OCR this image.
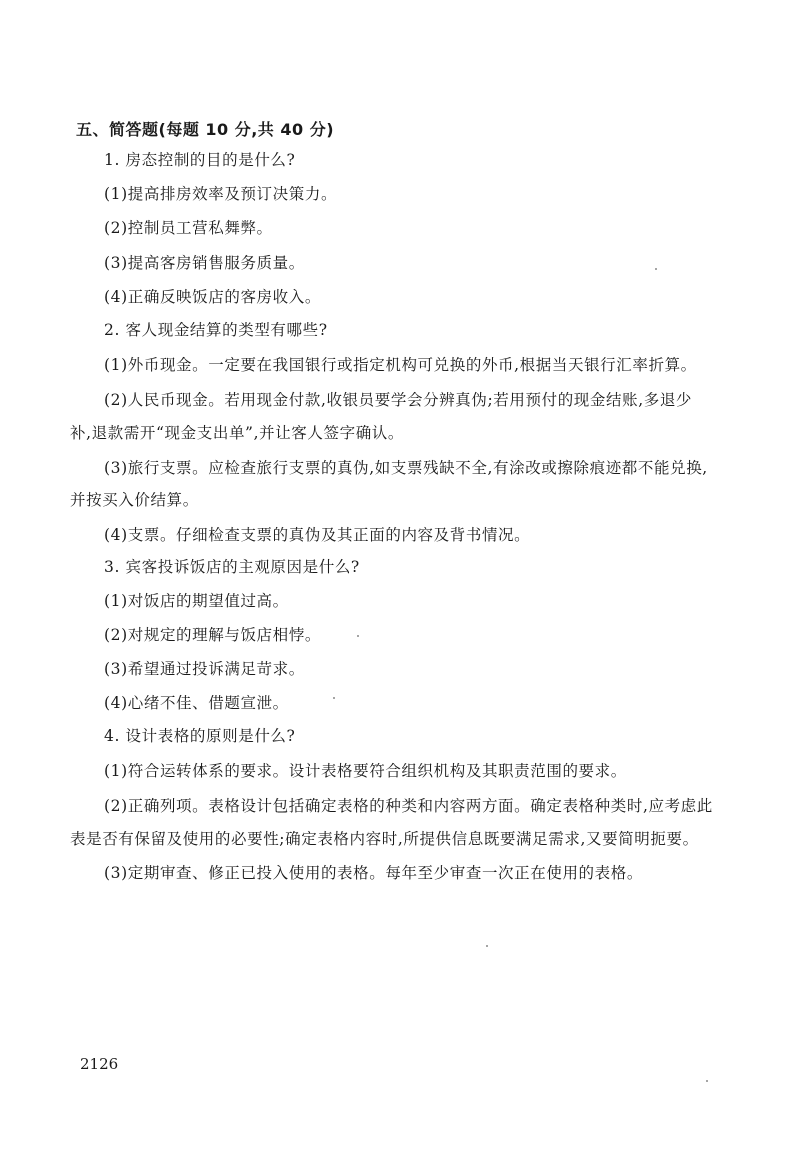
五、简答题(每题 10 分,共 40 分)
1. 房态控制的目的是什么?
(1)提高排房效率及预订决策力。
(2)控制员工营私舞弊。
(3)提高客房销售服务质量。
(4)正确反映饭店的客房收入。
2. 客人现金结算的类型有哪些?
(1)外币现金。一定要在我国银行或指定机构可兑换的外币,根据当天银行汇率折算。
(2)人民币现金。若用现金付款,收银员要学会分辨真伪;若用预付的现金结账,多退少
补,退款需开“现金支出单”,并让客人签字确认。
(3)旅行支票。应检查旅行支票的真伪,如支票残缺不全,有涂改或擦除痕迹都不能兑换,
并按买入价结算。
(4)支票。仔细检查支票的真伪及其正面的内容及背书情况。
3. 宾客投诉饭店的主观原因是什么?
(1)对饭店的期望值过高。
(2)对规定的理解与饭店相悖。
(3)希望通过投诉满足苛求。
(4)心绪不佳、借题宣泄。
4. 设计表格的原则是什么?
(1)符合运转体系的要求。设计表格要符合组织机构及其职责范围的要求。
(2)正确列项。表格设计包括确定表格的种类和内容两方面。确定表格种类时,应考虑此
表是否有保留及使用的必要性;确定表格内容时,所提供信息既要满足需求,又要简明扼要。
(3)定期审查、修正已投入使用的表格。每年至少审查一次正在使用的表格。
2126
